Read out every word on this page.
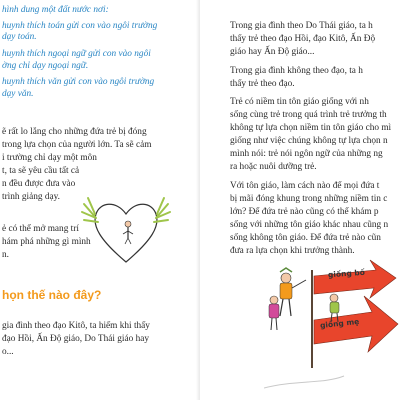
hình dung một đất nước nơi:
huynh thích toán gửi con vào ngôi trường
dạy toán.
huynh thích ngoại ngữ gửi con vào ngôi
ờng chỉ dạy ngoại ngữ.
huynh thích văn gửi con vào ngôi trường
dạy văn.
ẽ rất lo lắng cho những đứa trẻ bị đóng
trong lựa chọn của người lớn. Ta sẽ cảm
i trường chỉ dạy một môn
t, ta sẽ yêu cầu tất cả
n đều được đưa vào
trình giảng dạy.
ẻ có thể mở mang trí
hám phá những gì mình
n.
họn thế nào đây?
gia đình theo đạo Kitô, ta hiếm khi thấy
đạo Hồi, Ấn Độ giáo, Do Thái giáo hay
o...
Trong gia đình theo Do Thái giáo, ta h
thấy trẻ theo đạo Hồi, đạo Kitô, Ấn Độ
giáo hay Ấn Độ giáo...
Trong gia đình không theo đạo, ta h
thấy trẻ theo đạo.
Trẻ có niềm tin tôn giáo giống với nh
sống cùng trẻ trong quá trình trẻ trưởng th
không tự lựa chọn niềm tin tôn giáo cho mì
giống như việc chúng không tự lựa chọn n
mình nói: trẻ nói ngôn ngữ của những ng
ra hoặc nuôi dưỡng trẻ.
Với tôn giáo, làm cách nào để mọi đứa t
bị mãi đóng khung trong những niềm tin c
lớn? Để đứa trẻ nào cũng có thể khám p
sống với những tôn giáo khác nhau cũng n
sống không tôn giáo. Để đứa trẻ nào cũn
đưa ra lựa chọn khi trưởng thành.
giống bố
giống mẹ
